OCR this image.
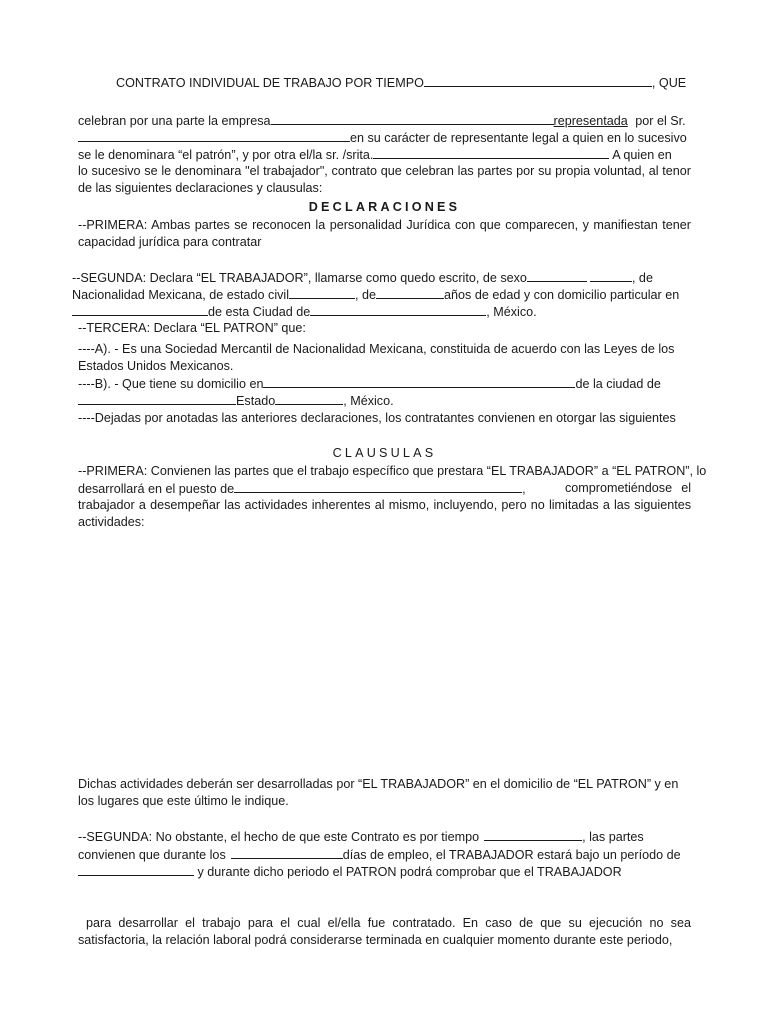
CONTRATO INDIVIDUAL DE TRABAJO POR TIEMPO	, QUE
celebran por una parte la empresa	representada por el Sr.
en su carácter de representante legal a quien en lo sucesivo
se le denominara “el patrón”, y por otra el/la sr. /srita.	A quien en

lo sucesivo se le denominara "el trabajador", contrato que celebran las partes por su propia voluntad, al tenor de las siguientes declaraciones y clausulas:

DECLARACIONES

--PRIMERA: Ambas partes se reconocen la personalidad Jurídica con que comparecen, y manifiestan tener capacidad jurídica para contratar

--SEGUNDA: Declara “EL TRABAJADOR”, llamarse como quedo escrito, de sexo	, de
Nacionalidad Mexicana, de estado civil	, de	años de edad y con domicilio particular en
de esta Ciudad de	, México.
--TERCERA: Declara “EL PATRON” que:

----A). - Es una Sociedad Mercantil de Nacionalidad Mexicana, constituida de acuerdo con las Leyes de los Estados Unidos Mexicanos.

----B). - Que tiene su domicilio en	de la ciudad de
Estado	, México.
----Dejadas por anotadas las anteriores declaraciones, los contratantes convienen en otorgar las siguientes
CLAUSULAS
--PRIMERA: Convienen las partes que el trabajo específico que prestara “EL TRABAJADOR” a “EL PATRON”, lo
desarrollará en el puesto de	,	comprometiéndose el

trabajador a desempeñar las actividades inherentes al mismo, incluyendo, pero no limitadas a las siguientes actividades:

Dichas actividades deberán ser desarrolladas por “EL TRABAJADOR” en el domicilio de “EL PATRON” y en los lugares que este último le indique.

--SEGUNDA: No obstante, el hecho de que este Contrato es por tiempo	, las partes
convienen que durante los	días de empleo, el TRABAJADOR estará bajo un período de
y durante dicho periodo el PATRON podrá comprobar que el TRABAJADOR

para desarrollar el trabajo para el cual el/ella fue contratado. En caso de que su ejecución no sea satisfactoria, la relación laboral podrá considerarse terminada en cualquier momento durante este periodo,
